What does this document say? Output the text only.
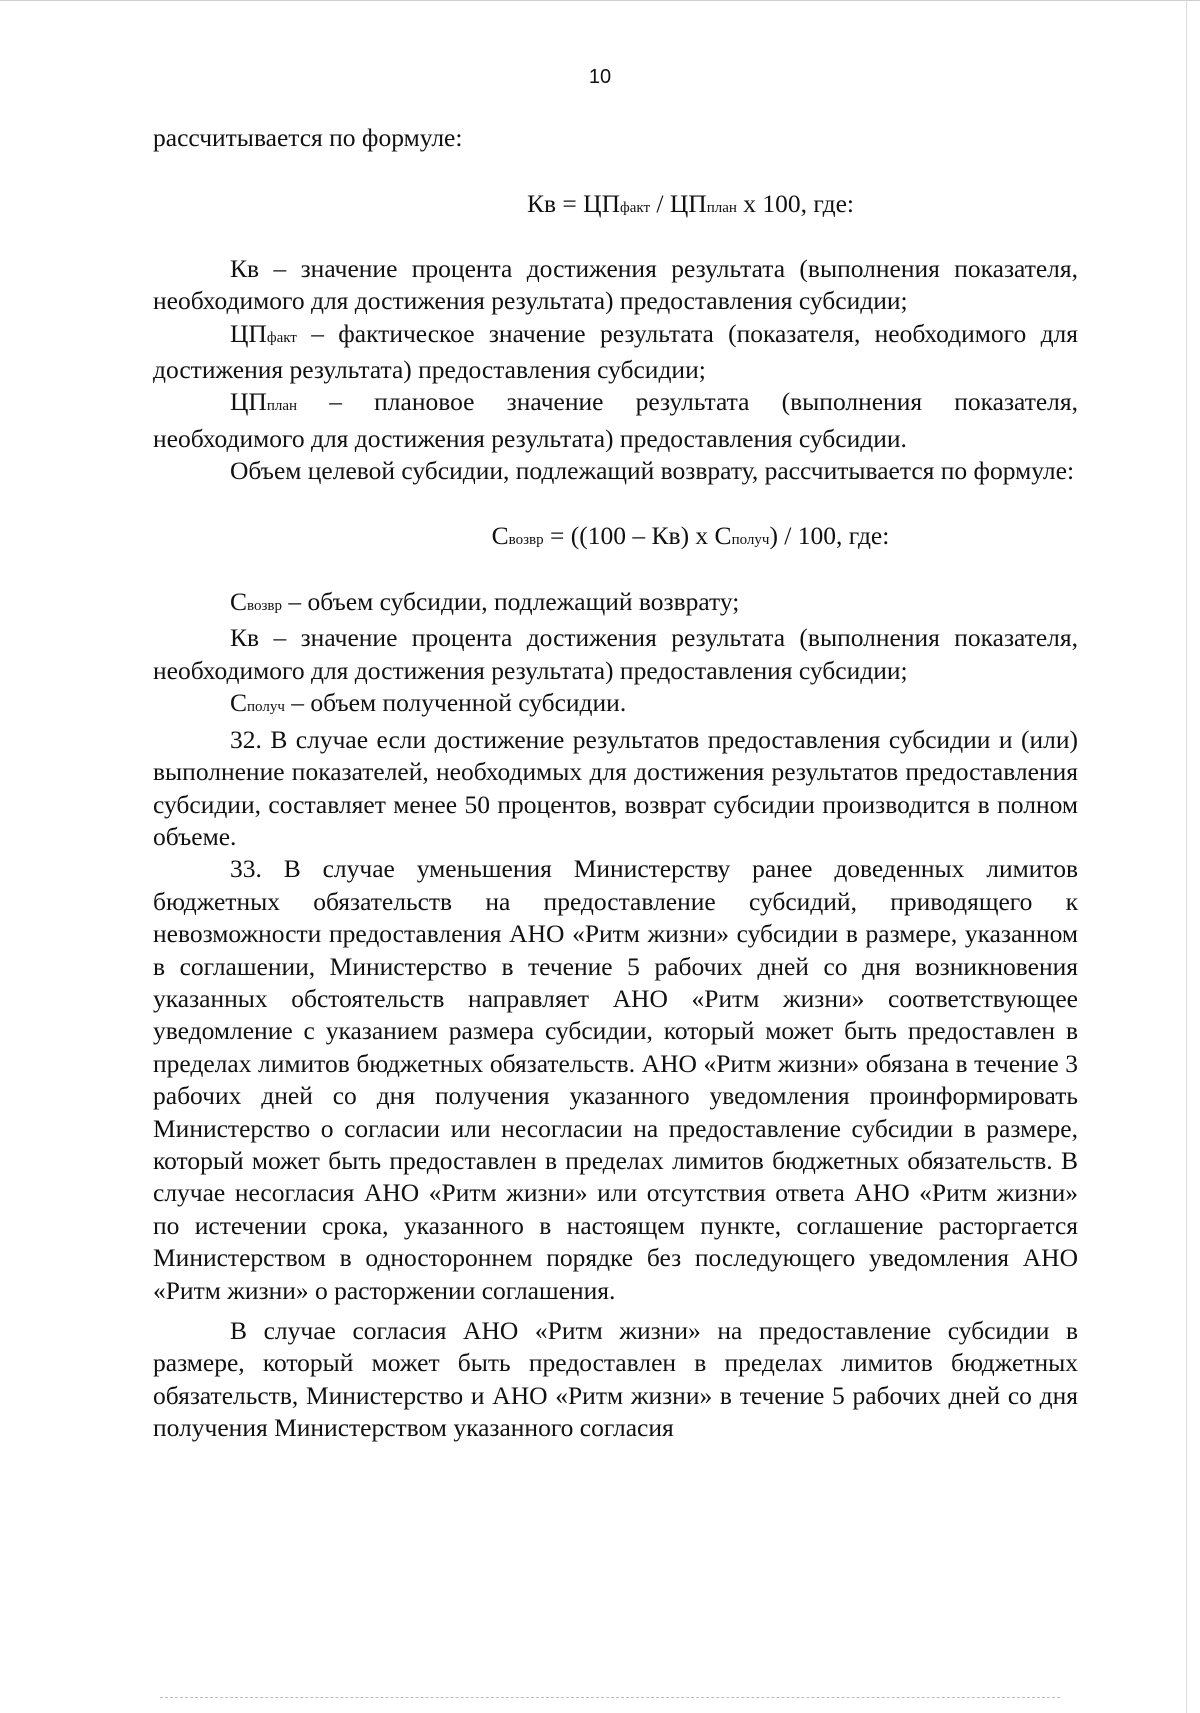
10

рассчитывается по формуле:

Кв = ЦПфакт / ЦПплан х 100, где:

Кв – значение процента достижения результата (выполнения показателя, необходимого для достижения результата) предоставления субсидии;

ЦПфакт – фактическое значение результата (показателя, необходимого для достижения результата) предоставления субсидии;

ЦПплан – плановое значение результата (выполнения показателя, необходимого для достижения результата) предоставления субсидии.

Объем целевой субсидии, подлежащий возврату, рассчитывается по формуле:

Свозвр = ((100 – Кв) х Сполуч) / 100, где:

Свозвр – объем субсидии, подлежащий возврату;

Кв – значение процента достижения результата (выполнения показателя, необходимого для достижения результата) предоставления субсидии;

Сполуч – объем полученной субсидии.

32. В случае если достижение результатов предоставления субсидии и (или) выполнение показателей, необходимых для достижения результатов предоставления субсидии, составляет менее 50 процентов, возврат субсидии производится в полном объеме.

33. В случае уменьшения Министерству ранее доведенных лимитов бюджетных обязательств на предоставление субсидий, приводящего к невозможности предоставления АНО «Ритм жизни» субсидии в размере, указанном в соглашении, Министерство в течение 5 рабочих дней со дня возникновения указанных обстоятельств направляет АНО «Ритм жизни» соответствующее уведомление с указанием размера субсидии, который может быть предоставлен в пределах лимитов бюджетных обязательств. АНО «Ритм жизни» обязана в течение 3 рабочих дней со дня получения указанного уведомления проинформировать Министерство о согласии или несогласии на предоставление субсидии в размере, который может быть предоставлен в пределах лимитов бюджетных обязательств. В случае несогласия АНО «Ритм жизни» или отсутствия ответа АНО «Ритм жизни» по истечении срока, указанного в настоящем пункте, соглашение расторгается Министерством в одностороннем порядке без последующего уведомления АНО «Ритм жизни» о расторжении соглашения.

В случае согласия АНО «Ритм жизни» на предоставление субсидии в размере, который может быть предоставлен в пределах лимитов бюджетных обязательств, Министерство и АНО «Ритм жизни» в течение 5 рабочих дней со дня получения Министерством указанного согласия
